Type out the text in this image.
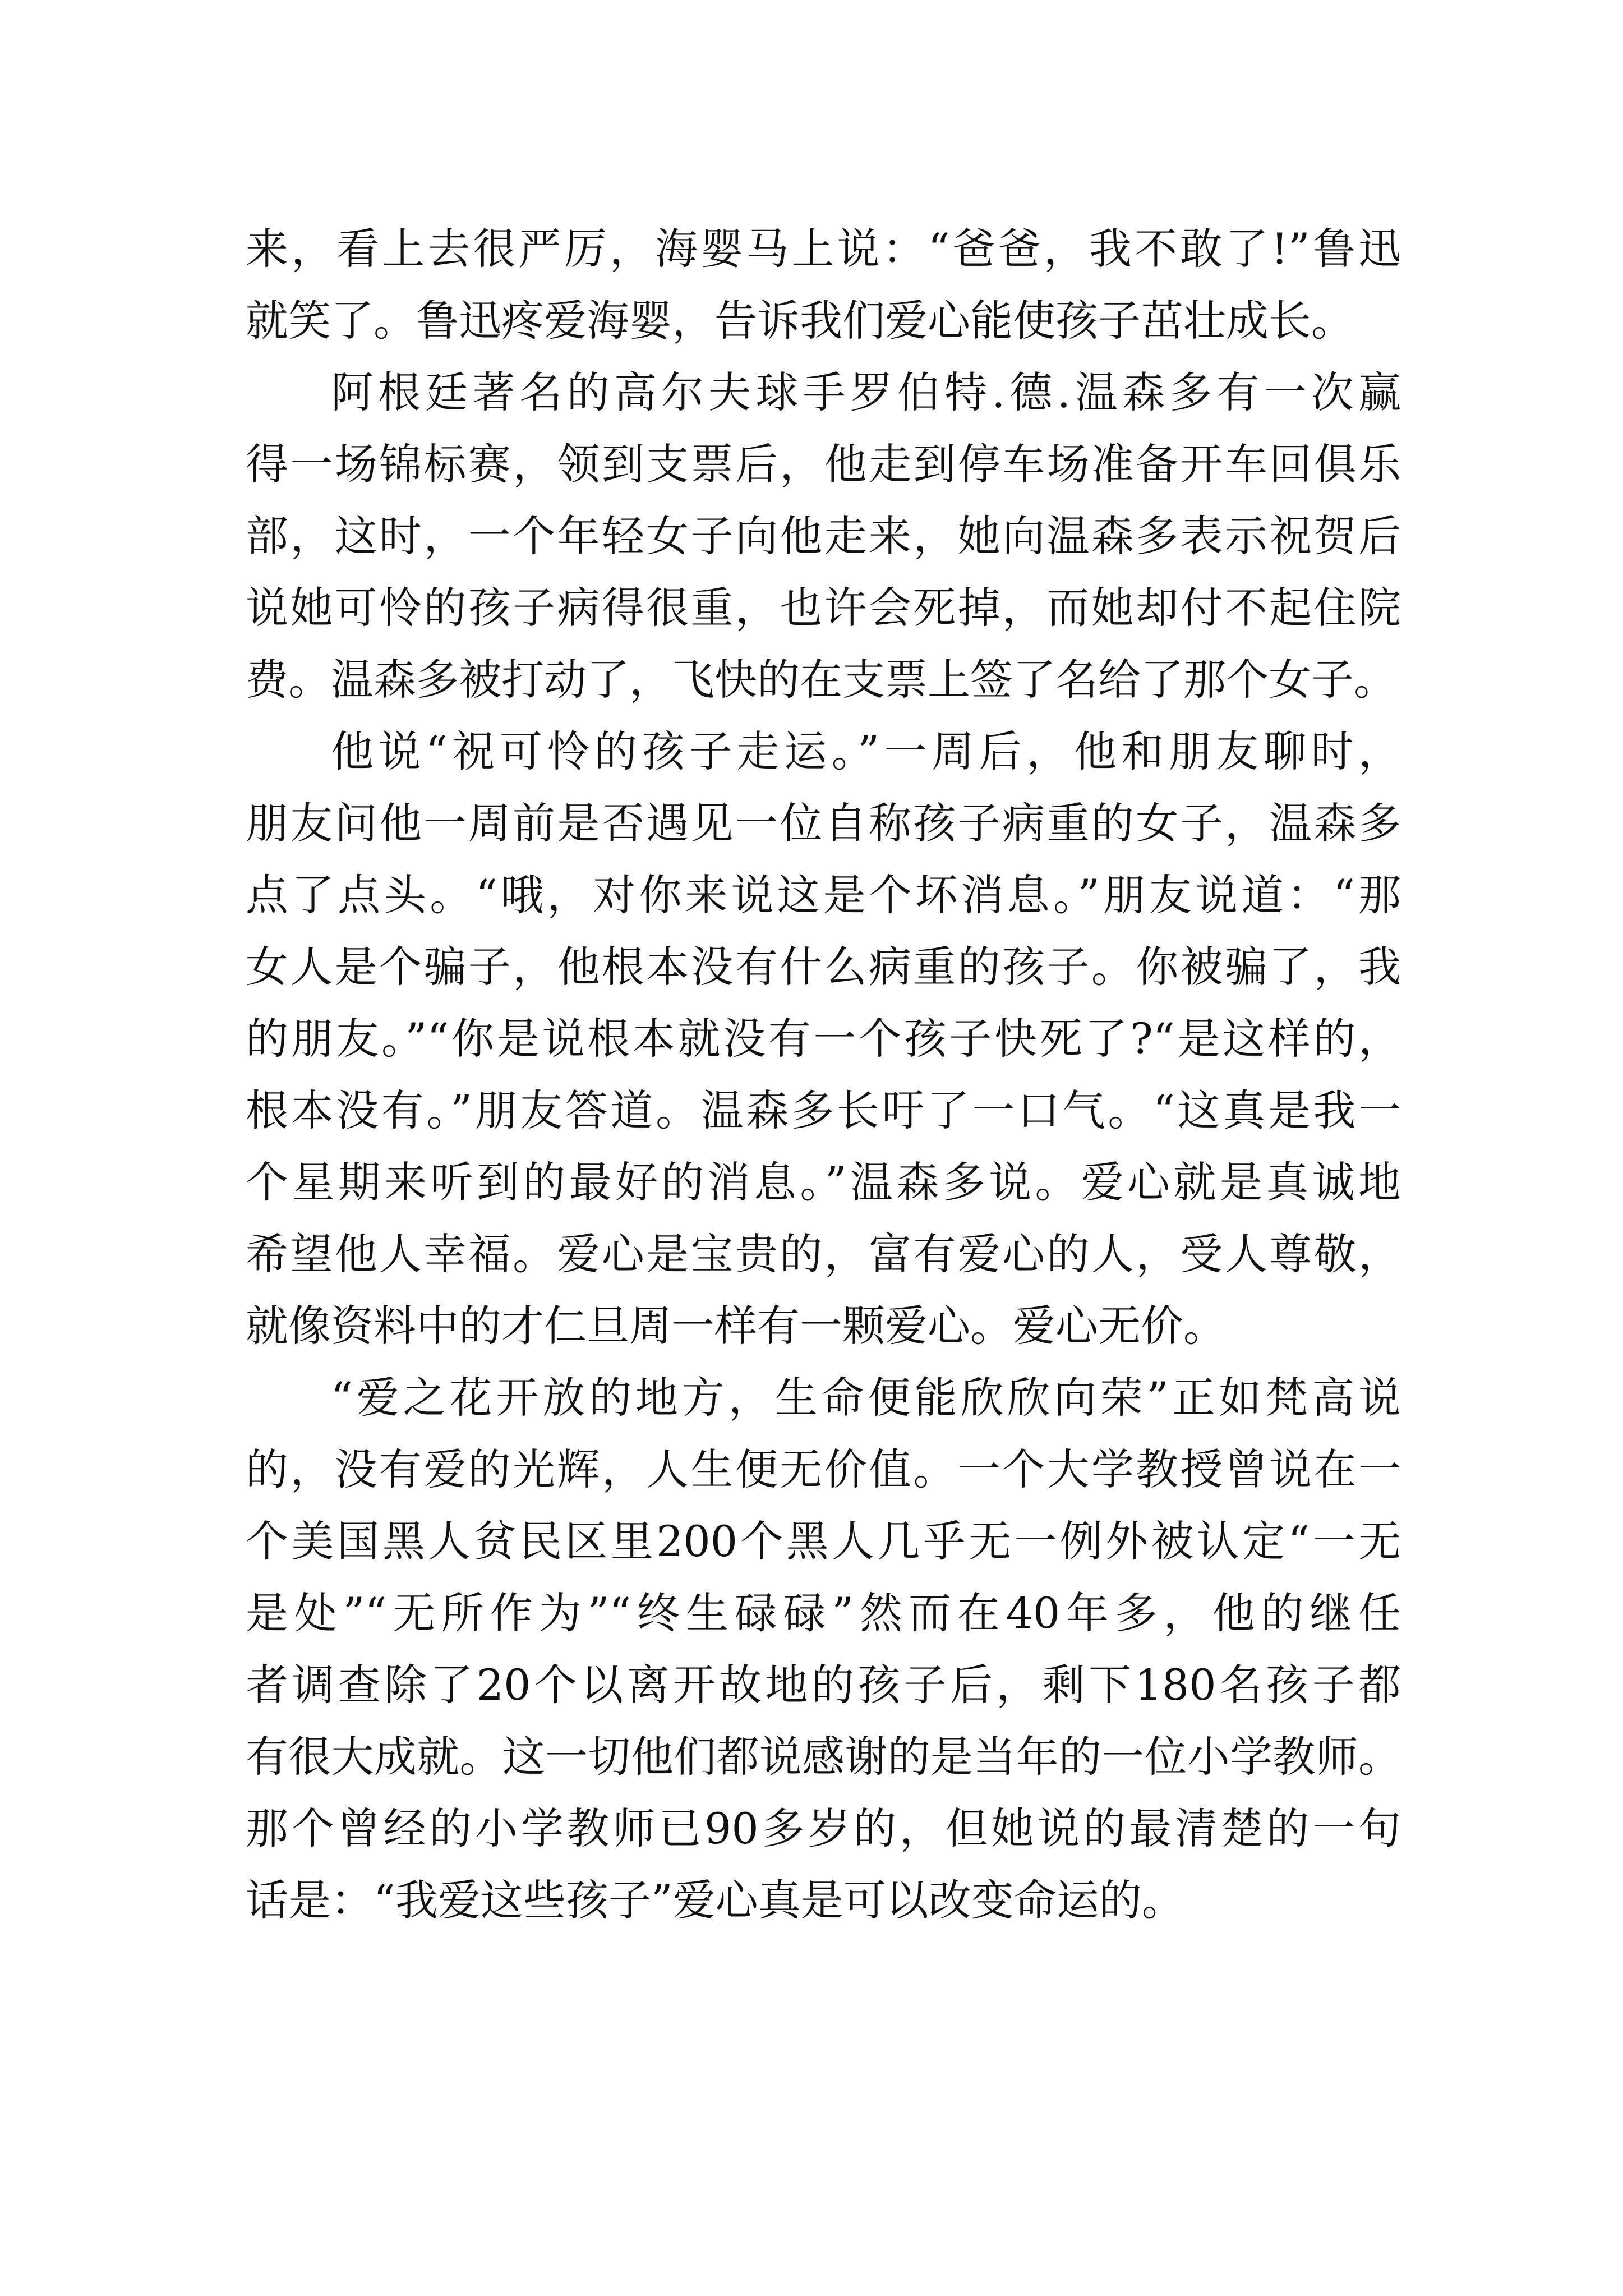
来，看上去很严厉，海婴马上说：“爸爸，我不敢了!”鲁迅
就笑了。鲁迅疼爱海婴，告诉我们爱心能使孩子茁壮成长。
阿根廷著名的高尔夫球手罗伯特.德.温森多有一次赢
得一场锦标赛，领到支票后，他走到停车场准备开车回俱乐
部，这时，一个年轻女子向他走来，她向温森多表示祝贺后
说她可怜的孩子病得很重，也许会死掉，而她却付不起住院
费。温森多被打动了，飞快的在支票上签了名给了那个女子。
他说“祝可怜的孩子走运。”一周后，他和朋友聊时，
朋友问他一周前是否遇见一位自称孩子病重的女子，温森多
点了点头。“哦，对你来说这是个坏消息。”朋友说道：“那
女人是个骗子，他根本没有什么病重的孩子。你被骗了，我
的朋友。”“你是说根本就没有一个孩子快死了?“是这样的，
根本没有。”朋友答道。温森多长吁了一口气。“这真是我一
个星期来听到的最好的消息。”温森多说。爱心就是真诚地
希望他人幸福。爱心是宝贵的，富有爱心的人，受人尊敬，
就像资料中的才仁旦周一样有一颗爱心。爱心无价。
“爱之花开放的地方，生命便能欣欣向荣”正如梵高说
的，没有爱的光辉，人生便无价值。一个大学教授曾说在一
个美国黑人贫民区里200个黑人几乎无一例外被认定“一无
是处”“无所作为”“终生碌碌”然而在40年多，他的继任
者调查除了20个以离开故地的孩子后，剩下180名孩子都
有很大成就。这一切他们都说感谢的是当年的一位小学教师。
那个曾经的小学教师已90多岁的，但她说的最清楚的一句
话是：“我爱这些孩子”爱心真是可以改变命运的。
